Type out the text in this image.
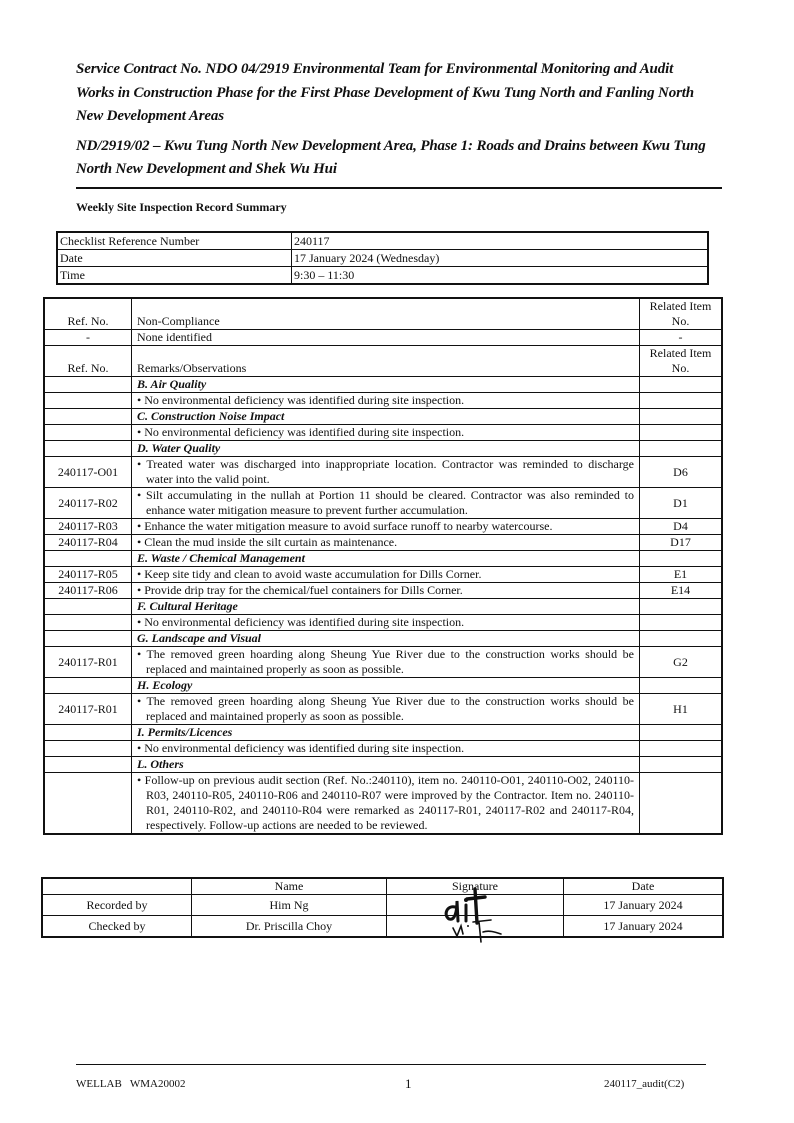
Service Contract No. NDO 04/2919 Environmental Team for Environmental Monitoring and Audit Works in Construction Phase for the First Phase Development of Kwu Tung North and Fanling North New Development Areas

ND/2919/02 – Kwu Tung North New Development Area, Phase 1: Roads and Drains between Kwu Tung North New Development and Shek Wu Hui

Weekly Site Inspection Record Summary
Checklist Reference Number	240117
Date	17 January 2024 (Wednesday)
Time	9:30 – 11:30
Ref. No.	Non-Compliance	Related Item No.
-	None identified	-
Ref. No.	Remarks/Observations	Related Item No.
	B. Air Quality	
	• No environmental deficiency was identified during site inspection.	
	C. Construction Noise Impact	
	• No environmental deficiency was identified during site inspection.	
	D. Water Quality	
240117-O01	• Treated water was discharged into inappropriate location. Contractor was reminded to discharge water into the valid point.	D6
240117-R02	• Silt accumulating in the nullah at Portion 11 should be cleared. Contractor was also reminded to enhance water mitigation measure to prevent further accumulation.	D1
240117-R03	• Enhance the water mitigation measure to avoid surface runoff to nearby watercourse.	D4
240117-R04	• Clean the mud inside the silt curtain as maintenance.	D17
	E. Waste / Chemical Management	
240117-R05	• Keep site tidy and clean to avoid waste accumulation for Dills Corner.	E1
240117-R06	• Provide drip tray for the chemical/fuel containers for Dills Corner.	E14
	F. Cultural Heritage	
	• No environmental deficiency was identified during site inspection.	
	G. Landscape and Visual	
240117-R01	• The removed green hoarding along Sheung Yue River due to the construction works should be replaced and maintained properly as soon as possible.	G2
	H. Ecology	
240117-R01	• The removed green hoarding along Sheung Yue River due to the construction works should be replaced and maintained properly as soon as possible.	H1
	I. Permits/Licences	
	• No environmental deficiency was identified during site inspection.	
	L. Others	
	• Follow-up on previous audit section (Ref. No.:240110), item no. 240110-O01, 240110-O02, 240110-R03, 240110-R05, 240110-R06 and 240110-R07 were improved by the Contractor. Item no. 240110-R01, 240110-R02, and 240110-R04 were remarked as 240117-R01, 240117-R02 and 240117-R04, respectively. Follow-up actions are needed to be reviewed.	
	Name	Signature	Date
Recorded by	Him Ng		17 January 2024
Checked by	Dr. Priscilla Choy		17 January 2024
WELLAB   WMA20002	1	240117_audit(C2)
